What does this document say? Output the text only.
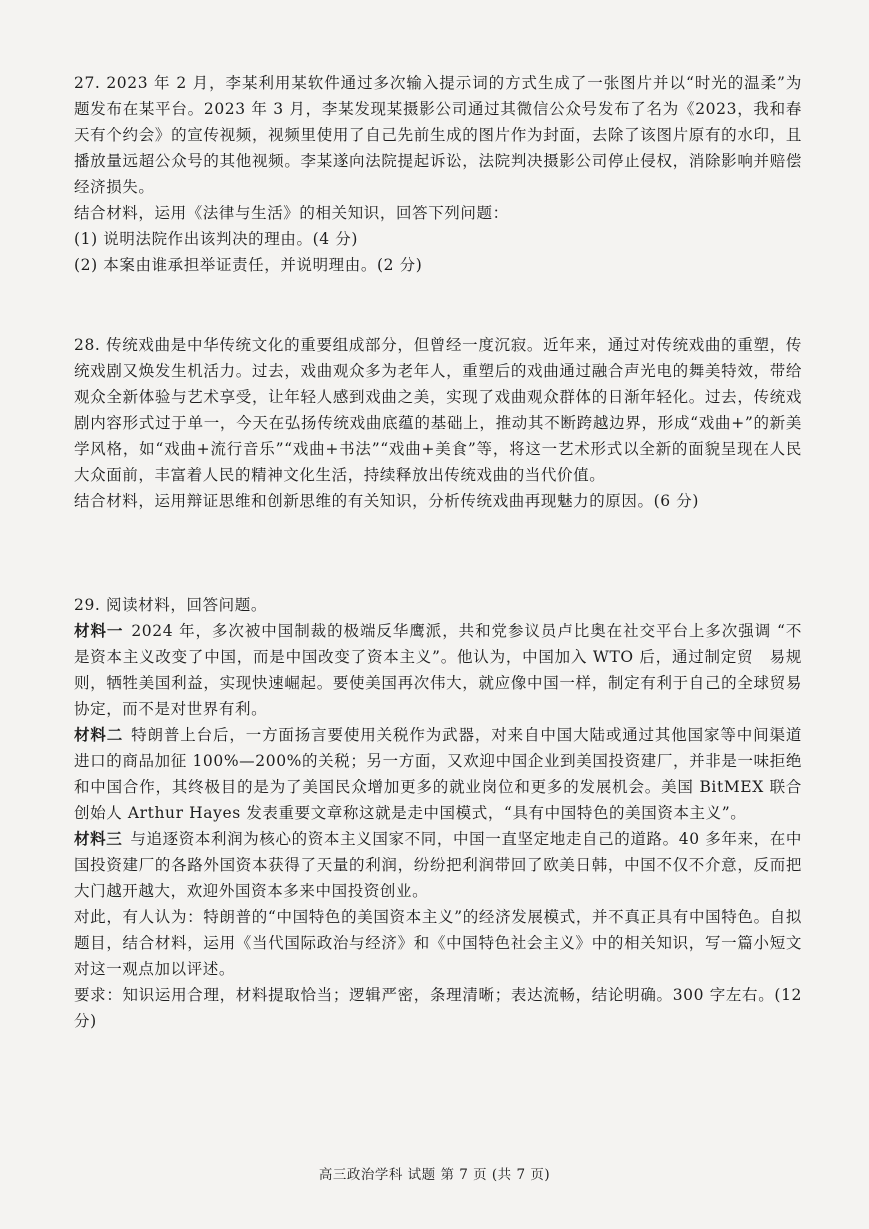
27. 2023 年 2 月，李某利用某软件通过多次输入提示词的方式生成了一张图片并以“时光的温柔”为题发布在某平台。2023 年 3 月，李某发现某摄影公司通过其微信公众号发布了名为《2023，我和春天有个约会》的宣传视频，视频里使用了自己先前生成的图片作为封面，去除了该图片原有的水印，且播放量远超公众号的其他视频。李某遂向法院提起诉讼，法院判决摄影公司停止侵权，消除影响并赔偿经济损失。

结合材料，运用《法律与生活》的相关知识，回答下列问题：

(1) 说明法院作出该判决的理由。(4 分)

(2) 本案由谁承担举证责任，并说明理由。(2 分)

28. 传统戏曲是中华传统文化的重要组成部分，但曾经一度沉寂。近年来，通过对传统戏曲的重塑，传统戏剧又焕发生机活力。过去，戏曲观众多为老年人，重塑后的戏曲通过融合声光电的舞美特效，带给观众全新体验与艺术享受，让年轻人感到戏曲之美，实现了戏曲观众群体的日渐年轻化。过去，传统戏剧内容形式过于单一，今天在弘扬传统戏曲底蕴的基础上，推动其不断跨越边界，形成“戏曲+”的新美学风格，如“戏曲+流行音乐”“戏曲+书法”“戏曲+美食”等，将这一艺术形式以全新的面貌呈现在人民大众面前，丰富着人民的精神文化生活，持续释放出传统戏曲的当代价值。

结合材料，运用辩证思维和创新思维的有关知识，分析传统戏曲再现魅力的原因。(6 分)

29. 阅读材料，回答问题。

材料一 2024 年，多次被中国制裁的极端反华鹰派，共和党参议员卢比奥在社交平台上多次强调 “不是资本主义改变了中国，而是中国改变了资本主义”。他认为，中国加入 WTO 后，通过制定贸　易规则，牺牲美国利益，实现快速崛起。要使美国再次伟大，就应像中国一样，制定有利于自己的全球贸易协定，而不是对世界有利。

材料二 特朗普上台后，一方面扬言要使用关税作为武器，对来自中国大陆或通过其他国家等中间渠道进口的商品加征 100%—200%的关税；另一方面，又欢迎中国企业到美国投资建厂，并非是一味拒绝和中国合作，其终极目的是为了美国民众增加更多的就业岗位和更多的发展机会。美国 BitMEX 联合创始人 Arthur Hayes 发表重要文章称这就是走中国模式，“具有中国特色的美国资本主义”。

材料三 与追逐资本利润为核心的资本主义国家不同，中国一直坚定地走自己的道路。40 多年来，在中国投资建厂的各路外国资本获得了天量的利润，纷纷把利润带回了欧美日韩，中国不仅不介意，反而把大门越开越大，欢迎外国资本多来中国投资创业。

对此，有人认为：特朗普的“中国特色的美国资本主义”的经济发展模式，并不真正具有中国特色。自拟题目，结合材料，运用《当代国际政治与经济》和《中国特色社会主义》中的相关知识，写一篇小短文对这一观点加以评述。

要求：知识运用合理，材料提取恰当；逻辑严密，条理清晰；表达流畅，结论明确。300 字左右。(12 分)

高三政治学科 试题 第 7 页 (共 7 页)
